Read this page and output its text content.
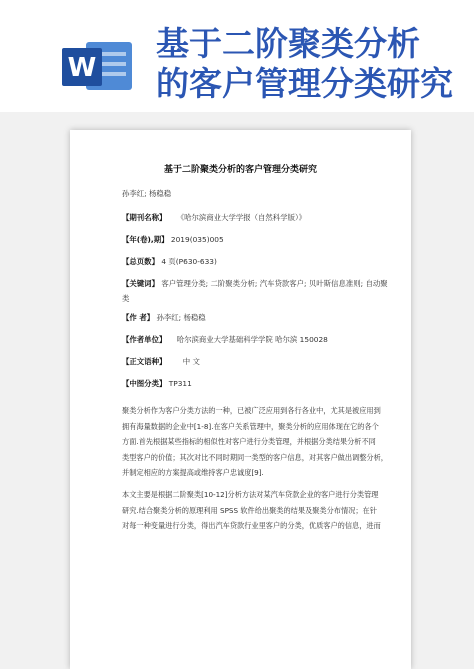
W
基于二阶聚类分析
的客户管理分类研究
基于二阶聚类分析的客户管理分类研究
孙李红; 杨稳稳
【期刊名称】 《哈尔滨商业大学学报（自然科学版）》
【年(卷),期】 2019(035)005
【总页数】 4 页(P630-633)
【关键词】 客户管理分类; 二阶聚类分析; 汽车贷款客户; 贝叶斯信息准则; 自动聚
类
【作 者】 孙李红; 杨稳稳
【作者单位】 哈尔滨商业大学基础科学学院 哈尔滨 150028
【正文语种】 中 文
【中图分类】 TP311
聚类分析作为客户分类方法的一种，已被广泛应用到各行各业中，尤其是被应用到
拥有海量数据的企业中[1-8].在客户关系管理中，聚类分析的应用体现在它的各个
方面.首先根据某些指标的相似性对客户进行分类管理，并根据分类结果分析不同
类型客户的价值；其次对比不同时期同一类型的客户信息，对其客户做出调整分析，
并制定相应的方案提高或维持客户忠诚度[9].
本文主要是根据二阶聚类[10-12]分析方法对某汽车贷款企业的客户进行分类管理
研究.结合聚类分析的原理利用 SPSS 软件给出聚类的结果及聚类分布情况；在针
对每一种变量进行分类，得出汽车贷款行业里客户的分类，优质客户的信息，进而
